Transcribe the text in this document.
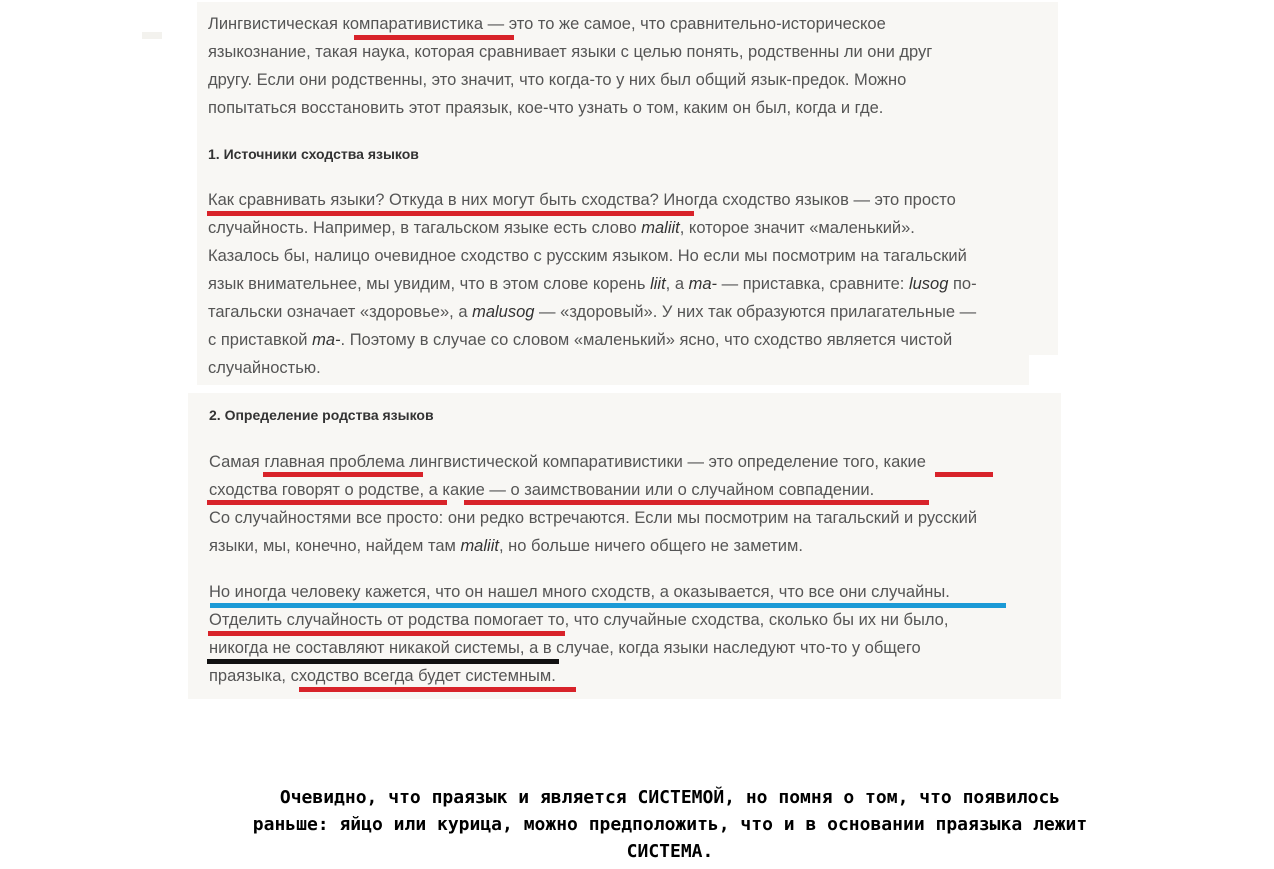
Лингвистическая компаративистика — это то же самое, что сравнительно-историческое
языкознание, такая наука, которая сравнивает языки с целью понять, родственны ли они друг
другу. Если они родственны, это значит, что когда-то у них был общий язык-предок. Можно
попытаться восстановить этот праязык, кое-что узнать о том, каким он был, когда и где.

1. Источники сходства языков

Как сравнивать языки? Откуда в них могут быть сходства? Иногда сходство языков — это просто
случайность. Например, в тагальском языке есть слово maliit, которое значит «маленький».
Казалось бы, налицо очевидное сходство с русским языком. Но если мы посмотрим на тагальский
язык внимательнее, мы увидим, что в этом слове корень liit, а ma- — приставка, сравните: lusog по-
тагальски означает «здоровье», а malusog — «здоровый». У них так образуются прилагательные —
с приставкой ma-. Поэтому в случае со словом «маленький» ясно, что сходство является чистой
случайностью.

2. Определение родства языков

Самая главная проблема лингвистической компаративистики — это определение того, какие
сходства говорят о родстве, а какие — о заимствовании или о случайном совпадении.
Со случайностями все просто: они редко встречаются. Если мы посмотрим на тагальский и русский
языки, мы, конечно, найдем там maliit, но больше ничего общего не заметим.

Но иногда человеку кажется, что он нашел много сходств, а оказывается, что все они случайны.
Отделить случайность от родства помогает то, что случайные сходства, сколько бы их ни было,
никогда не составляют никакой системы, а в случае, когда языки наследуют что-то у общего
праязыка, сходство всегда будет системным.

Очевидно, что праязык и является СИСТЕМОЙ, но помня о том, что появилось
раньше: яйцо или курица, можно предположить, что и в основании праязыка лежит
СИСТЕМА.
